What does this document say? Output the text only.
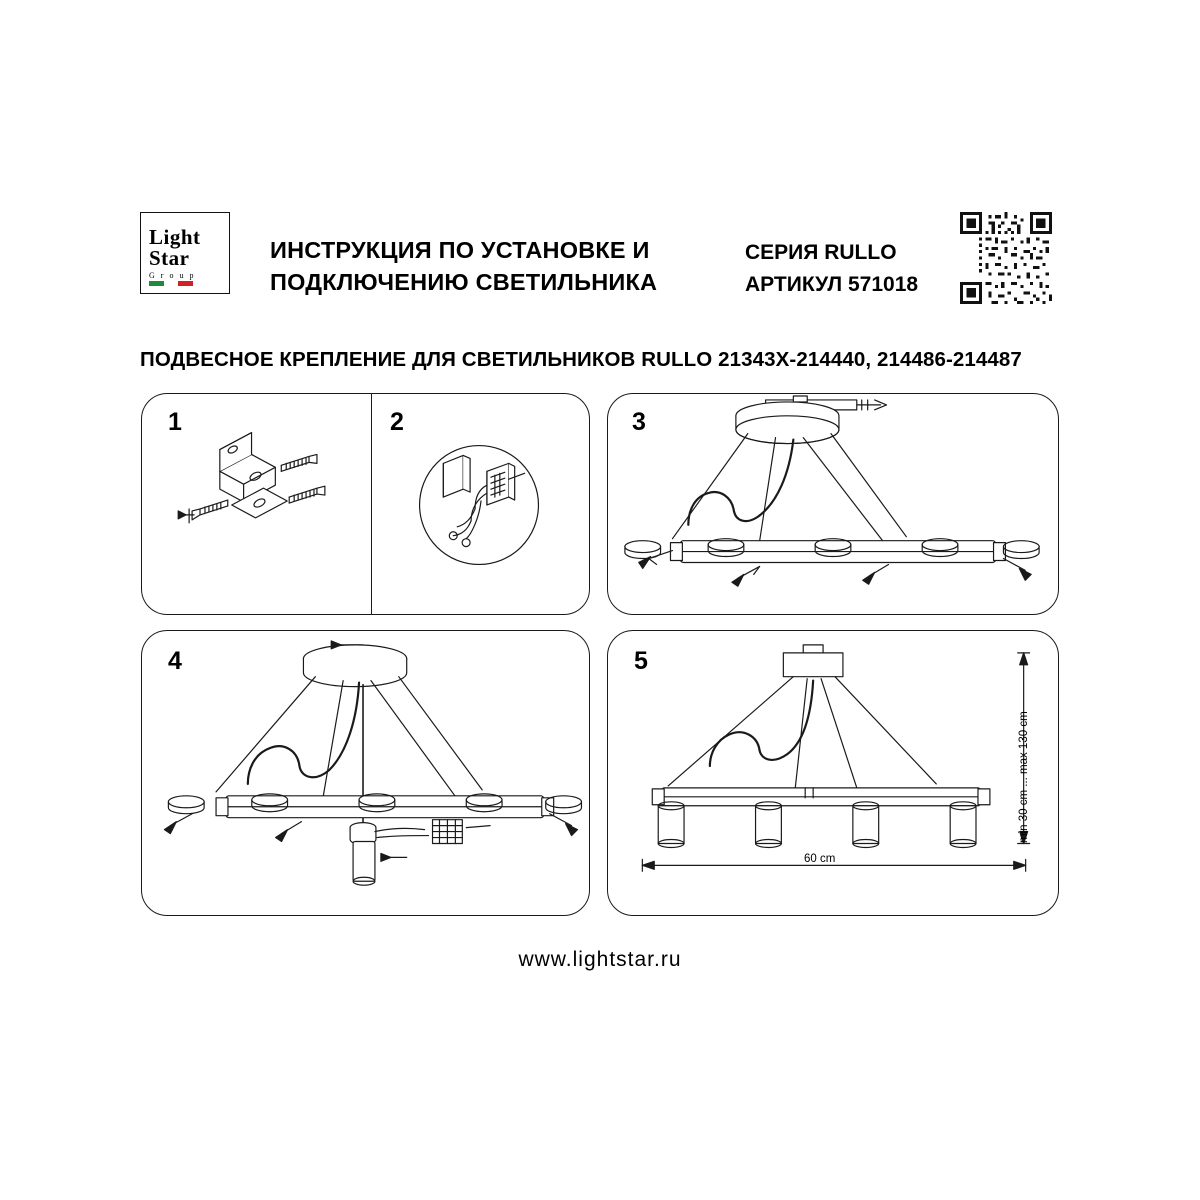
Light
Star
G r o u p
ИНСТРУКЦИЯ ПО УСТАНОВКЕ И
ПОДКЛЮЧЕНИЮ СВЕТИЛЬНИКА
СЕРИЯ RULLO
АРТИКУЛ 571018
ПОДВЕСНОЕ КРЕПЛЕНИЕ ДЛЯ СВЕТИЛЬНИКОВ RULLO 21343Х-214440, 214486-214487
1	2	3
4	5
60 cm
min 30 cm ... max 130 cm
www.lightstar.ru
